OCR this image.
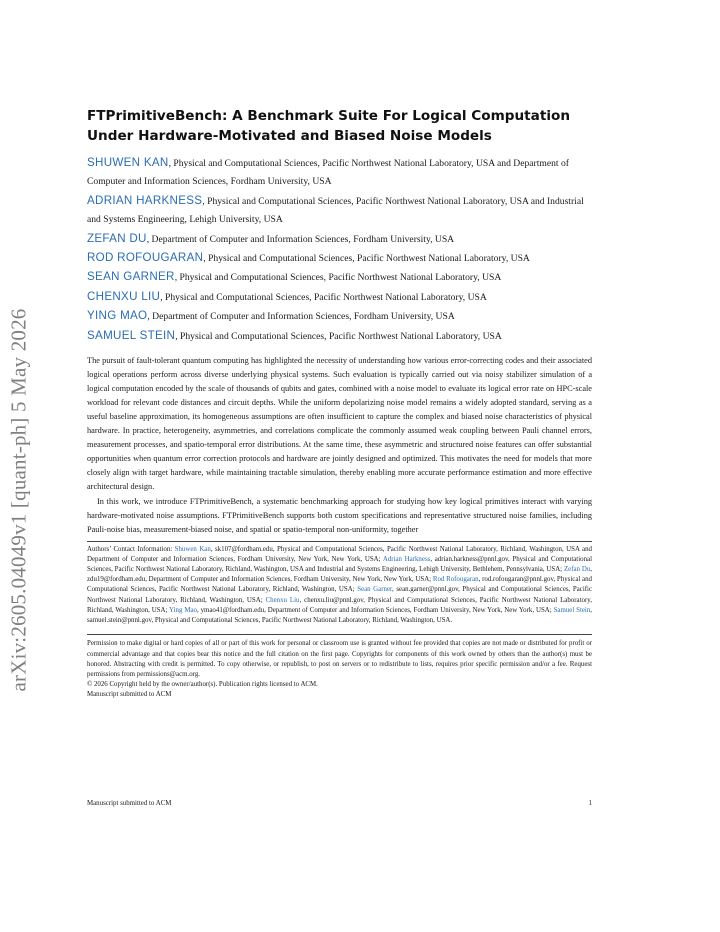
arXiv:2605.04049v1 [quant-ph] 5 May 2026
FTPrimitiveBench: A Benchmark Suite For Logical Computation Under Hardware-Motivated and Biased Noise Models

SHUWEN KAN, Physical and Computational Sciences, Pacific Northwest National Laboratory, USA and Department of Computer and Information Sciences, Fordham University, USA

ADRIAN HARKNESS, Physical and Computational Sciences, Pacific Northwest National Laboratory, USA and Industrial and Systems Engineering, Lehigh University, USA

ZEFAN DU, Department of Computer and Information Sciences, Fordham University, USA

ROD ROFOUGARAN, Physical and Computational Sciences, Pacific Northwest National Laboratory, USA

SEAN GARNER, Physical and Computational Sciences, Pacific Northwest National Laboratory, USA

CHENXU LIU, Physical and Computational Sciences, Pacific Northwest National Laboratory, USA

YING MAO, Department of Computer and Information Sciences, Fordham University, USA

SAMUEL STEIN, Physical and Computational Sciences, Pacific Northwest National Laboratory, USA

The pursuit of fault-tolerant quantum computing has highlighted the necessity of understanding how various error-correcting codes and their associated logical operations perform across diverse underlying physical systems. Such evaluation is typically carried out via noisy stabilizer simulation of a logical computation encoded by the scale of thousands of qubits and gates, combined with a noise model to evaluate its logical error rate on HPC-scale workload for relevant code distances and circuit depths. While the uniform depolarizing noise model remains a widely adopted standard, serving as a useful baseline approximation, its homogeneous assumptions are often insufficient to capture the complex and biased noise characteristics of physical hardware. In practice, heterogeneity, asymmetries, and correlations complicate the commonly assumed weak coupling between Pauli channel errors, measurement processes, and spatio-temporal error distributions. At the same time, these asymmetric and structured noise features can offer substantial opportunities when quantum error correction protocols and hardware are jointly designed and optimized. This motivates the need for models that more closely align with target hardware, while maintaining tractable simulation, thereby enabling more accurate performance estimation and more effective architectural design.

In this work, we introduce FTPrimitiveBench, a systematic benchmarking approach for studying how key logical primitives interact with varying hardware-motivated noise assumptions. FTPrimitiveBench supports both custom specifications and representative structured noise families, including Pauli-noise bias, measurement-biased noise, and spatial or spatio-temporal non-uniformity, together

Authors’ Contact Information: Shuwen Kan, sk107@fordham.edu, Physical and Computational Sciences, Pacific Northwest National Laboratory, Richland, Washington, USA and Department of Computer and Information Sciences, Fordham University, New York, New York, USA; Adrian Harkness, adrian.harkness@pnnl.gov, Physical and Computational Sciences, Pacific Northwest National Laboratory, Richland, Washington, USA and Industrial and Systems Engineering, Lehigh University, Bethlehem, Pennsylvania, USA; Zefan Du, zdu19@fordham.edu, Department of Computer and Information Sciences, Fordham University, New York, New York, USA; Rod Rofougaran, rod.rofougaran@pnnl.gov, Physical and Computational Sciences, Pacific Northwest National Laboratory, Richland, Washington, USA; Sean Garner, sean.garner@pnnl.gov, Physical and Computational Sciences, Pacific Northwest National Laboratory, Richland, Washington, USA; Chenxu Liu, chenxu.liu@pnnl.gov, Physical and Computational Sciences, Pacific Northwest National Laboratory, Richland, Washington, USA; Ying Mao, ymao41@fordham.edu, Department of Computer and Information Sciences, Fordham University, New York, New York, USA; Samuel Stein, samuel.stein@pnnl.gov, Physical and Computational Sciences, Pacific Northwest National Laboratory, Richland, Washington, USA.

Permission to make digital or hard copies of all or part of this work for personal or classroom use is granted without fee provided that copies are not made or distributed for profit or commercial advantage and that copies bear this notice and the full citation on the first page. Copyrights for components of this work owned by others than the author(s) must be honored. Abstracting with credit is permitted. To copy otherwise, or republish, to post on servers or to redistribute to lists, requires prior specific permission and/or a fee. Request permissions from permissions@acm.org.

© 2026 Copyright held by the owner/author(s). Publication rights licensed to ACM.

Manuscript submitted to ACM

Manuscript submitted to ACM	1
